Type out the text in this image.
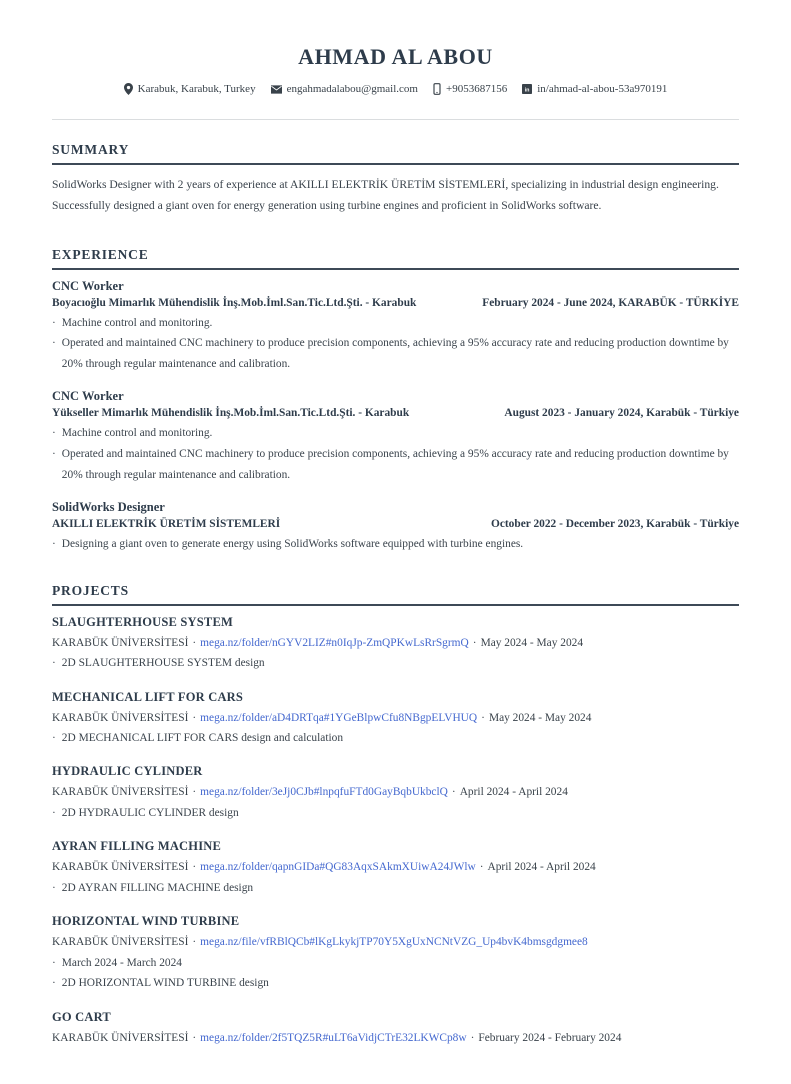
AHMAD AL ABOU
Karabuk, Karabuk, Turkey	engahmadalabou@gmail.com	+9053687156 in in/ahmad-al-abou-53a970191
SUMMARY

SolidWorks Designer with 2 years of experience at AKILLI ELEKTRİK ÜRETİM SİSTEMLERİ, specializing in industrial design engineering. Successfully designed a giant oven for energy generation using turbine engines and proficient in SolidWorks software.

EXPERIENCE
CNC Worker
Boyacıoğlu Mimarlık Mühendislik İnş.Mob.İml.San.Tic.Ltd.Şti. - Karabuk	February 2024 - June 2024, KARABÜK - TÜRKİYE
· Machine control and monitoring.
· Operated and maintained CNC machinery to produce precision components, achieving a 95% accuracy rate and reducing production downtime by 20% through regular maintenance and calibration.
CNC Worker
Yükseller Mimarlık Mühendislik İnş.Mob.İml.San.Tic.Ltd.Şti. - Karabuk	August 2023 - January 2024, Karabük - Türkiye
· Machine control and monitoring.
· Operated and maintained CNC machinery to produce precision components, achieving a 95% accuracy rate and reducing production downtime by 20% through regular maintenance and calibration.
SolidWorks Designer
AKILLI ELEKTRİK ÜRETİM SİSTEMLERİ	October 2022 - December 2023, Karabük - Türkiye
· Designing a giant oven to generate energy using SolidWorks software equipped with turbine engines.
PROJECTS
SLAUGHTERHOUSE SYSTEM
KARABÜK ÜNİVERSİTESİ · mega.nz/folder/nGYV2LIZ#n0IqJp-ZmQPKwLsRrSgrmQ · May 2024 - May 2024
· 2D SLAUGHTERHOUSE SYSTEM design
MECHANICAL LIFT FOR CARS
KARABÜK ÜNİVERSİTESİ · mega.nz/folder/aD4DRTqa#1YGeBlpwCfu8NBgpELVHUQ · May 2024 - May 2024
· 2D MECHANICAL LIFT FOR CARS design and calculation
HYDRAULIC CYLINDER
KARABÜK ÜNİVERSİTESİ · mega.nz/folder/3eJj0CJb#lnpqfuFTd0GayBqbUkbclQ · April 2024 - April 2024
· 2D HYDRAULIC CYLINDER design
AYRAN FILLING MACHINE
KARABÜK ÜNİVERSİTESİ · mega.nz/folder/qapnGIDa#QG83AqxSAkmXUiwA24JWlw · April 2024 - April 2024
· 2D AYRAN FILLING MACHINE design
HORIZONTAL WIND TURBINE
KARABÜK ÜNİVERSİTESİ · mega.nz/file/vfRBlQCb#lKgLkykjTP70Y5XgUxNCNtVZG_Up4bvK4bmsgdgmee8
· March 2024 - March 2024
· 2D HORIZONTAL WIND TURBINE design
GO CART
KARABÜK ÜNİVERSİTESİ · mega.nz/folder/2f5TQZ5R#uLT6aVidjCTrE32LKWCp8w · February 2024 - February 2024
